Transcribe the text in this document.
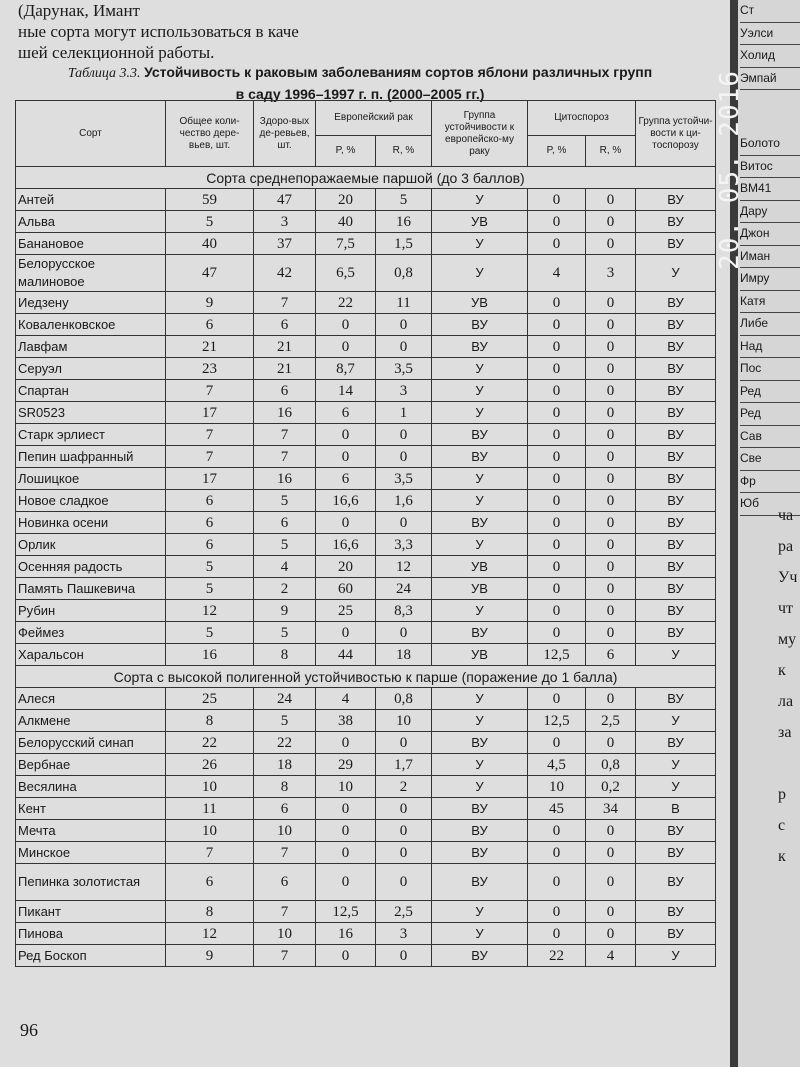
(Дарунак, Имант
ные сорта могут использоваться в каче
шей селекционной работы.
Таблица 3.3. Устойчивость к раковым заболеваниям сортов яблони различных групп
в саду 1996–1997 г. п. (2000–2005 гг.)
Сорт	Общее коли-чество дере-вьев, шт.	Здоро-вых де-ревьев, шт.	Европейский рак		Группа устойчивости к европейско-му раку	Цитоспороз		Группа устойчи-вости к ци-тоспорозу
			P, %	R, %		P, %	R, %	
Сорта среднепоражаемые паршой (до 3 баллов)								
Антей	59	47	20	5	У	0	0	ВУ
Альва	5	3	40	16	УВ	0	0	ВУ
Банановое	40	37	7,5	1,5	У	0	0	ВУ
Белорусское малиновое	47	42	6,5	0,8	У	4	3	У
Иедзену	9	7	22	11	УВ	0	0	ВУ
Коваленковское	6	6	0	0	ВУ	0	0	ВУ
Лавфам	21	21	0	0	ВУ	0	0	ВУ
Серуэл	23	21	8,7	3,5	У	0	0	ВУ
Спартан	7	6	14	3	У	0	0	ВУ
SR0523	17	16	6	1	У	0	0	ВУ
Старк эрлиест	7	7	0	0	ВУ	0	0	ВУ
Пепин шафранный	7	7	0	0	ВУ	0	0	ВУ
Лошицкое	17	16	6	3,5	У	0	0	ВУ
Новое сладкое	6	5	16,6	1,6	У	0	0	ВУ
Новинка осени	6	6	0	0	ВУ	0	0	ВУ
Орлик	6	5	16,6	3,3	У	0	0	ВУ
Осенняя радость	5	4	20	12	УВ	0	0	ВУ
Память Пашкевича	5	2	60	24	УВ	0	0	ВУ
Рубин	12	9	25	8,3	У	0	0	ВУ
Феймез	5	5	0	0	ВУ	0	0	ВУ
Харальсон	16	8	44	18	УВ	12,5	6	У
Сорта с высокой полигенной устойчивостью к парше (поражение до 1 балла)								
Алеся	25	24	4	0,8	У	0	0	ВУ
Алкмене	8	5	38	10	У	12,5	2,5	У
Белорусский синап	22	22	0	0	ВУ	0	0	ВУ
Вербнае	26	18	29	1,7	У	4,5	0,8	У
Весялина	10	8	10	2	У	10	0,2	У
Кент	11	6	0	0	ВУ	45	34	В
Мечта	10	10	0	0	ВУ	0	0	ВУ
Минское	7	7	0	0	ВУ	0	0	ВУ
Пепинка золотистая	6	6	0	0	ВУ	0	0	ВУ
Пикант	8	7	12,5	2,5	У	0	0	ВУ
Пинова	12	10	16	3	У	0	0	ВУ
Ред Боскоп	9	7	0	0	ВУ	22	4	У
96
Ст
Уэлси
Холид
Эмпай
Болото
Витос
ВМ41
Дару
Джон
Иман
Имру
Катя
Либе
Над
Пос
Ред
Ред
Сав
Све
Фр
Юб
ча
ра
Уч
чт
му
к
ла
за

р
с
к
20. 05. 2016
